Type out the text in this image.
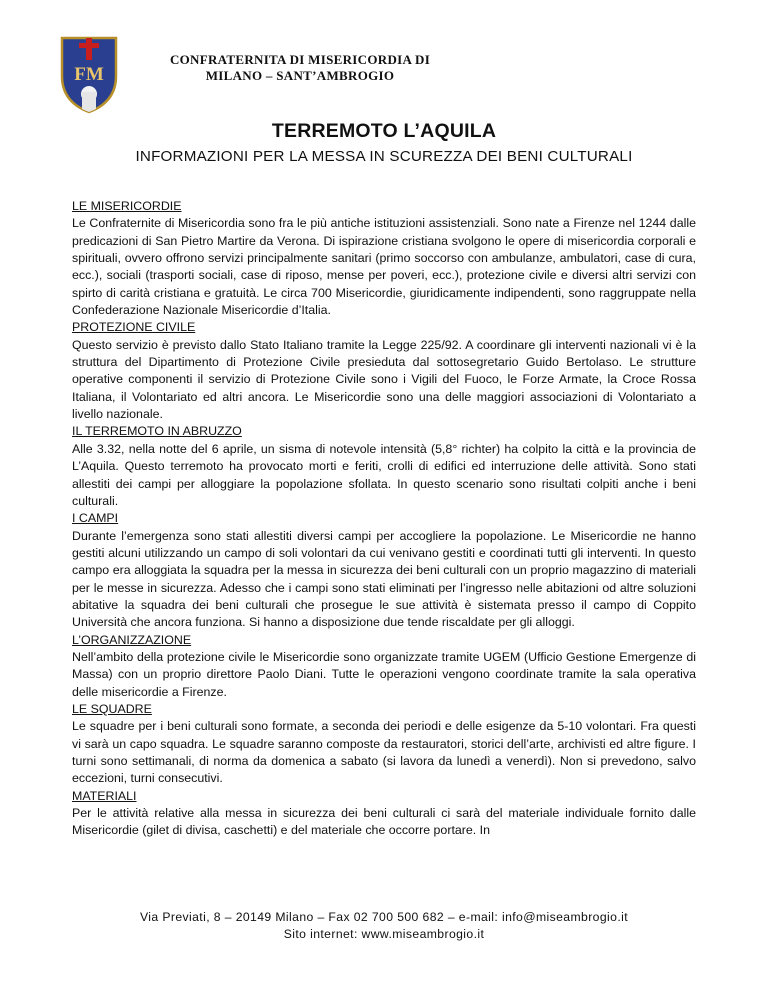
FM
CONFRATERNITA DI MISERICORDIA DI
MILANO – SANT’AMBROGIO
TERREMOTO L’AQUILA
INFORMAZIONI PER LA MESSA IN SCUREZZA DEI BENI CULTURALI

LE MISERICORDIE

Le Confraternite di Misericordia sono fra le più antiche istituzioni assistenziali. Sono nate a Firenze nel 1244 dalle predicazioni di San Pietro Martire da Verona. Di ispirazione cristiana svolgono le opere di misericordia corporali e spirituali, ovvero offrono servizi principalmente sanitari (primo soccorso con ambulanze, ambulatori, case di cura, ecc.), sociali (trasporti sociali, case di riposo, mense per poveri, ecc.), protezione civile e diversi altri servizi con spirto di carità cristiana e gratuità. Le circa 700 Misericordie, giuridicamente indipendenti, sono raggruppate nella Confederazione Nazionale Misericordie d’Italia.

PROTEZIONE CIVILE

Questo servizio è previsto dallo Stato Italiano tramite la Legge 225/92. A coordinare gli interventi nazionali vi è la struttura del Dipartimento di Protezione Civile presieduta dal sottosegretario Guido Bertolaso. Le strutture operative componenti il servizio di Protezione Civile sono i Vigili del Fuoco, le Forze Armate, la Croce Rossa Italiana, il Volontariato ed altri ancora. Le Misericordie sono una delle maggiori associazioni di Volontariato a livello nazionale.

IL TERREMOTO IN ABRUZZO

Alle 3.32, nella notte del 6 aprile, un sisma di notevole intensità (5,8° richter) ha colpito la città e la provincia de L’Aquila. Questo terremoto ha provocato morti e feriti, crolli di edifici ed interruzione delle attività. Sono stati allestiti dei campi per alloggiare la popolazione sfollata. In questo scenario sono risultati colpiti anche i beni culturali.

I CAMPI

Durante l’emergenza sono stati allestiti diversi campi per accogliere la popolazione. Le Misericordie ne hanno gestiti alcuni utilizzando un campo di soli volontari da cui venivano gestiti e coordinati tutti gli interventi. In questo campo era alloggiata la squadra per la messa in sicurezza dei beni culturali con un proprio magazzino di materiali per le messe in sicurezza. Adesso che i campi sono stati eliminati per l’ingresso nelle abitazioni od altre soluzioni abitative la squadra dei beni culturali che prosegue le sue attività è sistemata presso il campo di Coppito Università che ancora funziona. Si hanno a disposizione due tende riscaldate per gli alloggi.

L’ORGANIZZAZIONE

Nell’ambito della protezione civile le Misericordie sono organizzate tramite UGEM (Ufficio Gestione Emergenze di Massa) con un proprio direttore Paolo Diani. Tutte le operazioni vengono coordinate tramite la sala operativa delle misericordie a Firenze.

LE SQUADRE

Le squadre per i beni culturali sono formate, a seconda dei periodi e delle esigenze da 5-10 volontari. Fra questi vi sarà un capo squadra. Le squadre saranno composte da restauratori, storici dell’arte, archivisti ed altre figure. I turni sono settimanali, di norma da domenica a sabato (si lavora da lunedì a venerdì). Non si prevedono, salvo eccezioni, turni consecutivi.

MATERIALI

Per le attività relative alla messa in sicurezza dei beni culturali ci sarà del materiale individuale fornito dalle Misericordie (gilet di divisa, caschetti) e del materiale che occorre portare. In

Via Previati, 8 – 20149 Milano – Fax 02 700 500 682 – e-mail: info@miseambrogio.it
Sito internet: www.miseambrogio.it
